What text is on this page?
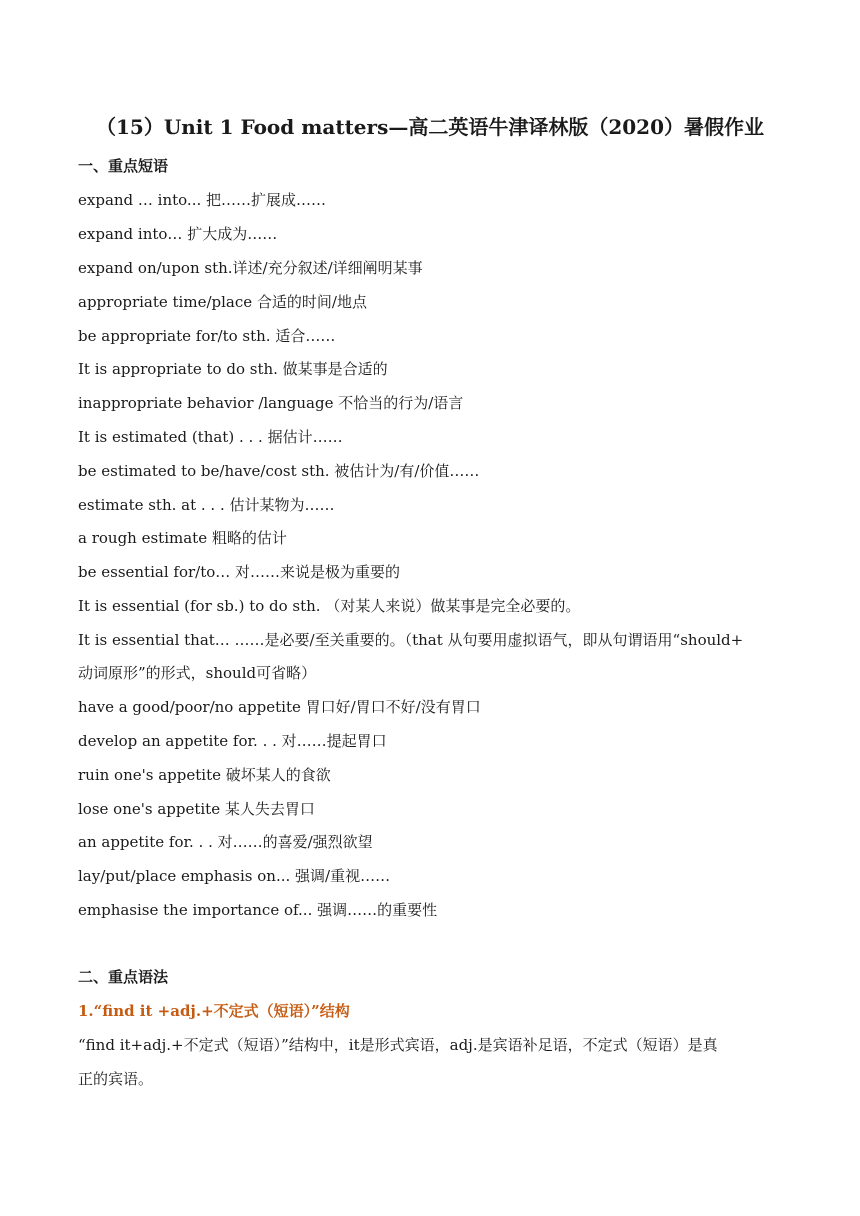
（15）Unit 1 Food matters—高二英语牛津译林版（2020）暑假作业
一、重点短语

expand … into... 把……扩展成……

expand into… 扩大成为……

expand on/upon sth.详述/充分叙述/详细阐明某事

appropriate time/place 合适的时间/地点

be appropriate for/to sth. 适合……

It is appropriate to do sth. 做某事是合适的

inappropriate behavior /language 不恰当的行为/语言

It is estimated (that) . . . 据估计……

be estimated to be/have/cost sth. 被估计为/有/价值……

estimate sth. at . . . 估计某物为……

a rough estimate 粗略的估计

be essential for/to… 对……来说是极为重要的

It is essential (for sb.) to do sth. （对某人来说）做某事是完全必要的。

It is essential that… ……是必要/至关重要的。（that 从句要用虚拟语气，即从句谓语用“should+

动词原形”的形式，should可省略）

have a good/poor/no appetite 胃口好/胃口不好/没有胃口

develop an appetite for. . . 对……提起胃口

ruin one's appetite 破坏某人的食欲

lose one's appetite 某人失去胃口

an appetite for. . . 对……的喜爱/强烈欲望

lay/put/place emphasis on... 强调/重视……

emphasise the importance of... 强调……的重要性

二、重点语法
1.“find it +adj.+不定式（短语）”结构

“find it+adj.+不定式（短语）”结构中，it是形式宾语，adj.是宾语补足语，不定式（短语）是真

正的宾语。
